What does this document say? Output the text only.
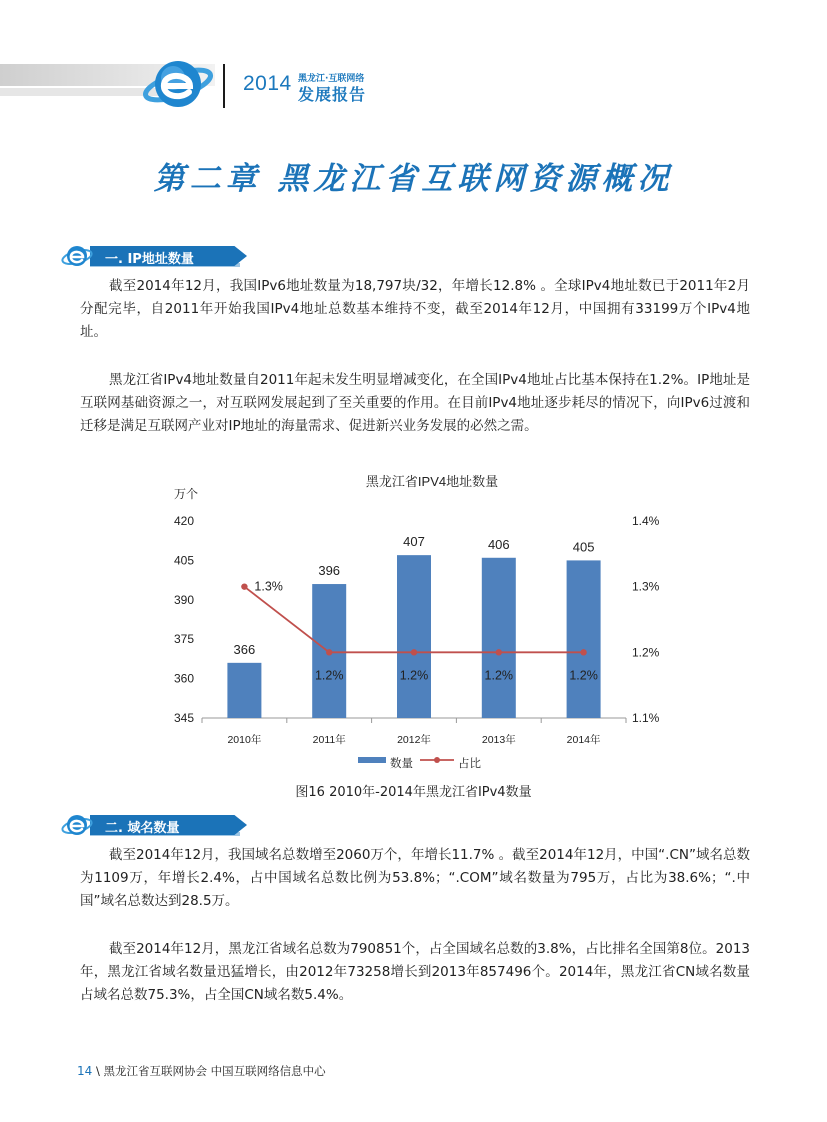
2014 黑龙江·互联网络
发展报告
第二章 黑龙江省互联网资源概况
一. IP地址数量
截至2014年12月，我国IPv6地址数量为18,797块/32，年增长12.8% 。全球IPv4地址数已于2011年2月分配完毕，自2011年开始我国IPv4地址总数基本维持不变，截至2014年12月，中国拥有33199万个IPv4地址。
黑龙江省IPv4地址数量自2011年起未发生明显增减变化，在全国IPv4地址占比基本保持在1.2%。IP地址是互联网基础资源之一，对互联网发展起到了至关重要的作用。在目前IPv4地址逐步耗尽的情况下，向IPv6过渡和迁移是满足互联网产业对IP地址的海量需求、促进新兴业务发展的必然之需。
黑龙江省IPV4地址数量
万个
345
360
375
390
405
420
1.1%
1.2%
1.3%
1.4%
2010年	2011年	2012年	2013年	2014年
366
396
407	406	405
1.3%
1.2%	1.2%	1.2%	1.2%
数量	占比
图16 2010年-2014年黑龙江省IPv4数量
二. 域名数量
截至2014年12月，我国域名总数增至2060万个，年增长11.7% 。截至2014年12月，中国“.CN”域名总数为1109万，年增长2.4%，占中国域名总数比例为53.8%；“.COM”域名数量为795万，占比为38.6%；“.中国”域名总数达到28.5万。
截至2014年12月，黑龙江省域名总数为790851个，占全国域名总数的3.8%，占比排名全国第8位。2013年，黑龙江省域名数量迅猛增长，由2012年73258增长到2013年857496个。2014年，黑龙江省CN域名数量占域名总数75.3%，占全国CN域名数5.4%。
14 \ 黑龙江省互联网协会 中国互联网络信息中心
